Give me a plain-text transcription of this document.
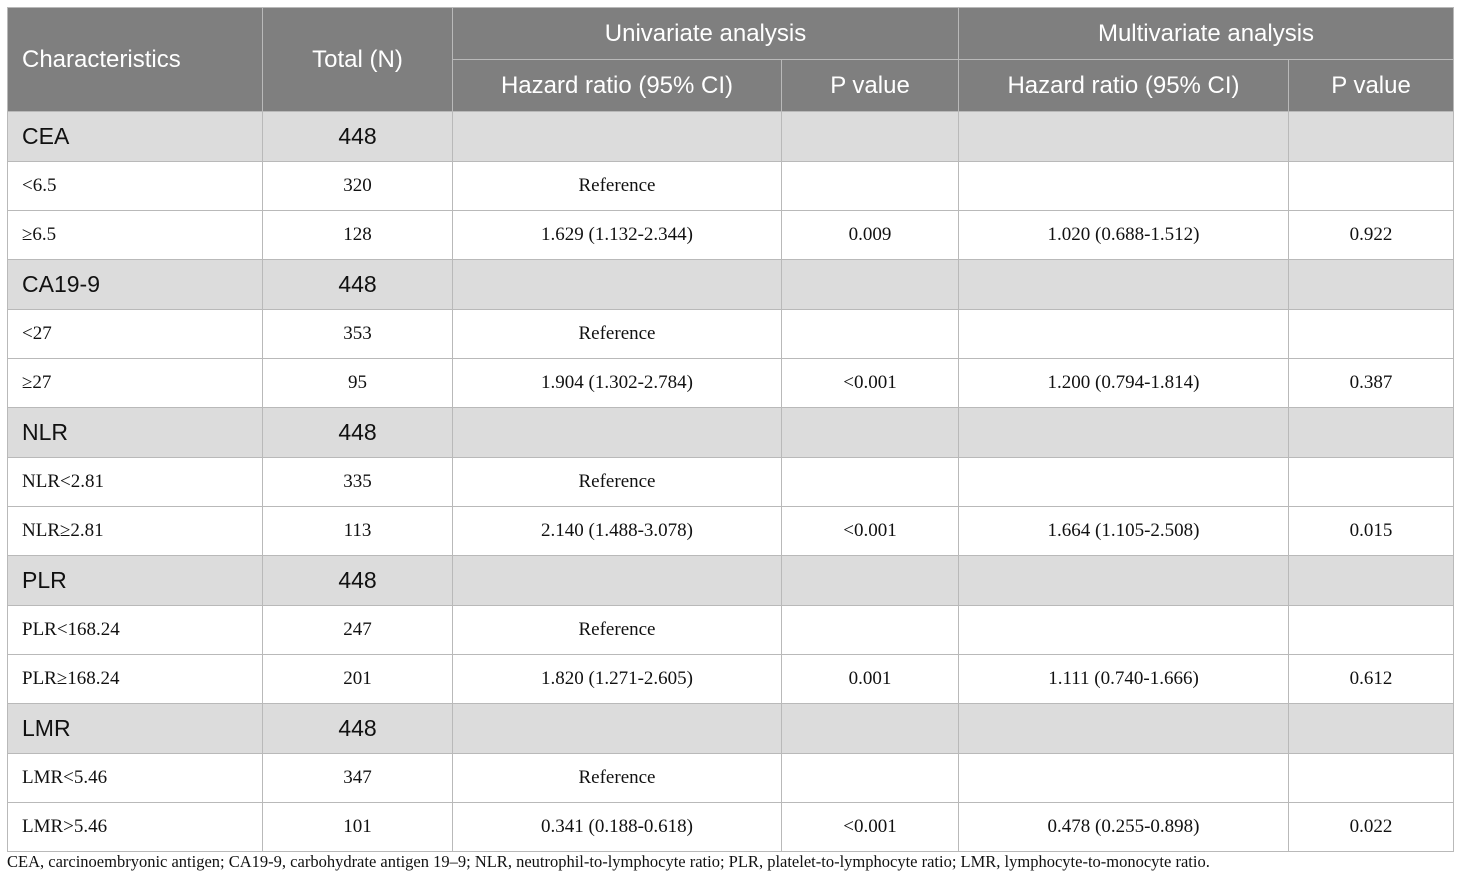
Characteristics	Total (N)	Univariate analysis		Multivariate analysis	
		Hazard ratio (95% CI)	P value	Hazard ratio (95% CI)	P value
CEA	448				
<6.5	320	Reference			
≥6.5	128	1.629 (1.132-2.344)	0.009	1.020 (0.688-1.512)	0.922
CA19-9	448				
<27	353	Reference			
≥27	95	1.904 (1.302-2.784)	<0.001	1.200 (0.794-1.814)	0.387
NLR	448				
NLR<2.81	335	Reference			
NLR≥2.81	113	2.140 (1.488-3.078)	<0.001	1.664 (1.105-2.508)	0.015
PLR	448				
PLR<168.24	247	Reference			
PLR≥168.24	201	1.820 (1.271-2.605)	0.001	1.111 (0.740-1.666)	0.612
LMR	448				
LMR<5.46	347	Reference			
LMR>5.46	101	0.341 (0.188-0.618)	<0.001	0.478 (0.255-0.898)	0.022
CEA, carcinoembryonic antigen; CA19-9, carbohydrate antigen 19–9; NLR, neutrophil-to-lymphocyte ratio; PLR, platelet-to-lymphocyte ratio; LMR, lymphocyte-to-monocyte ratio.
